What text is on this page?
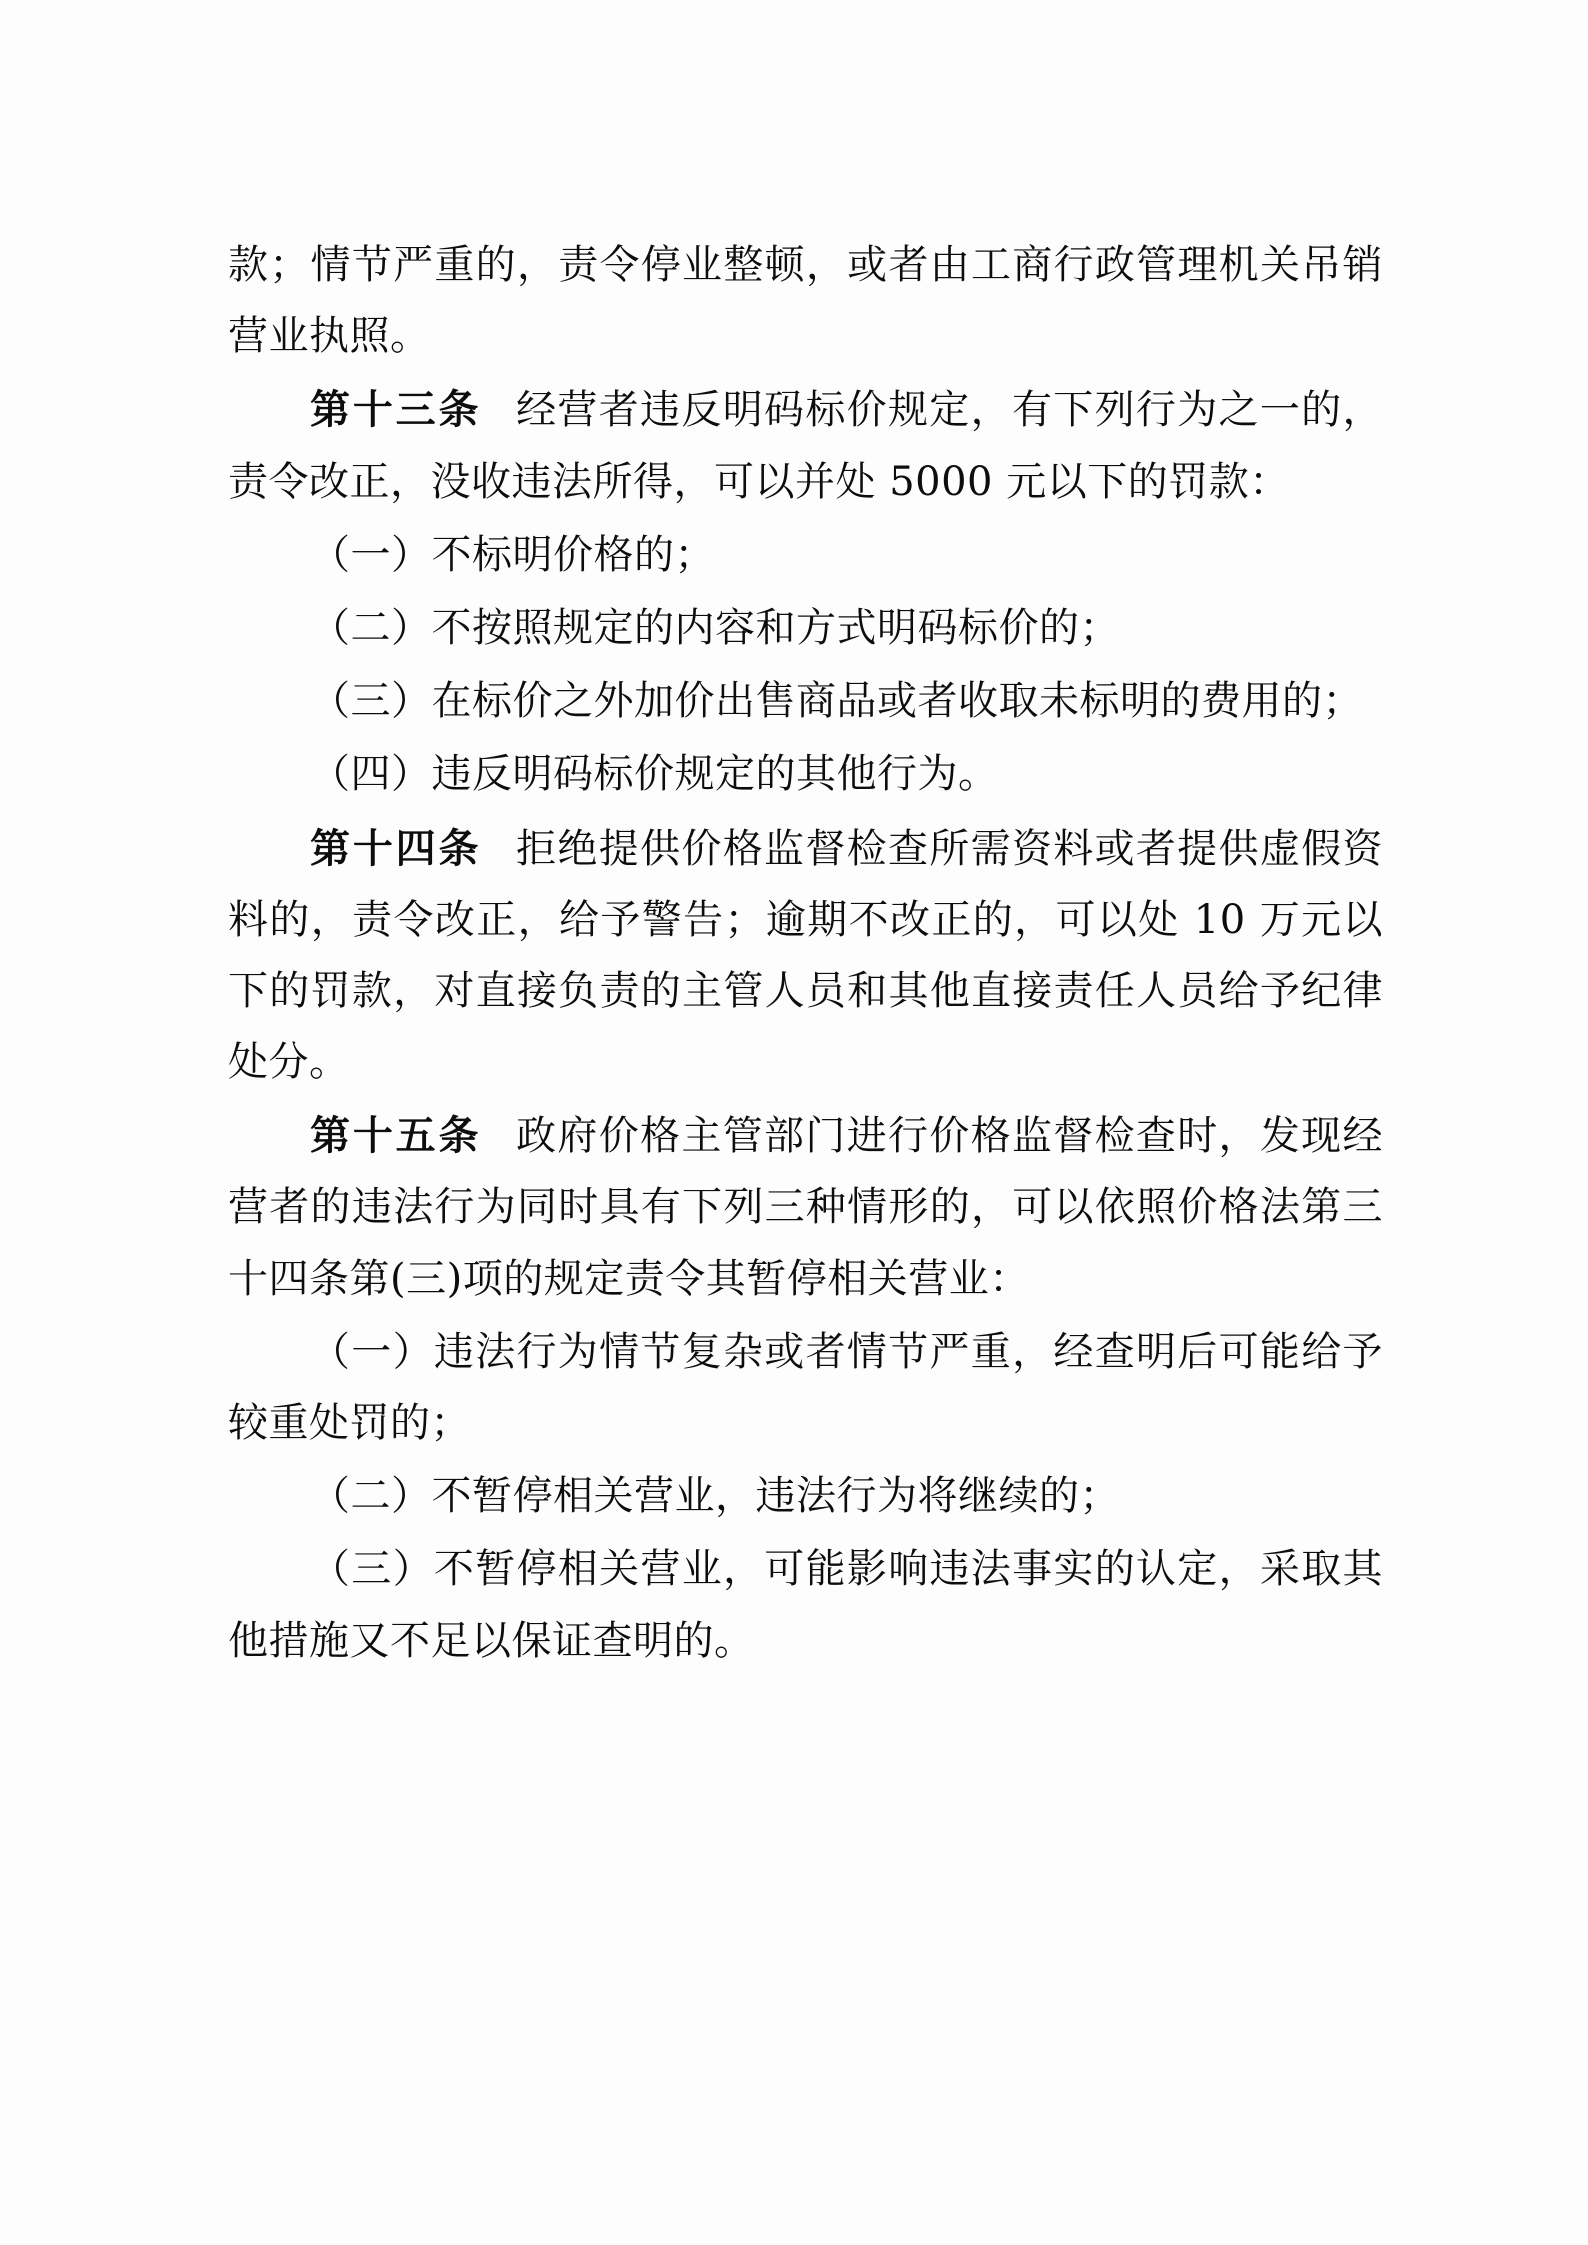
款；情节严重的，责令停业整顿，或者由工商行政管理机关吊销营业执照。

第十三条 经营者违反明码标价规定，有下列行为之一的，责令改正，没收违法所得，可以并处 5000 元以下的罚款：

（一）不标明价格的；

（二）不按照规定的内容和方式明码标价的；

（三）在标价之外加价出售商品或者收取未标明的费用的；

（四）违反明码标价规定的其他行为。

第十四条 拒绝提供价格监督检查所需资料或者提供虚假资料的，责令改正，给予警告；逾期不改正的，可以处 10 万元以下的罚款，对直接负责的主管人员和其他直接责任人员给予纪律处分。

第十五条 政府价格主管部门进行价格监督检查时，发现经营者的违法行为同时具有下列三种情形的，可以依照价格法第三十四条第(三)项的规定责令其暂停相关营业：

（一）违法行为情节复杂或者情节严重，经查明后可能给予较重处罚的；

（二）不暂停相关营业，违法行为将继续的；

（三）不暂停相关营业，可能影响违法事实的认定，采取其他措施又不足以保证查明的。
